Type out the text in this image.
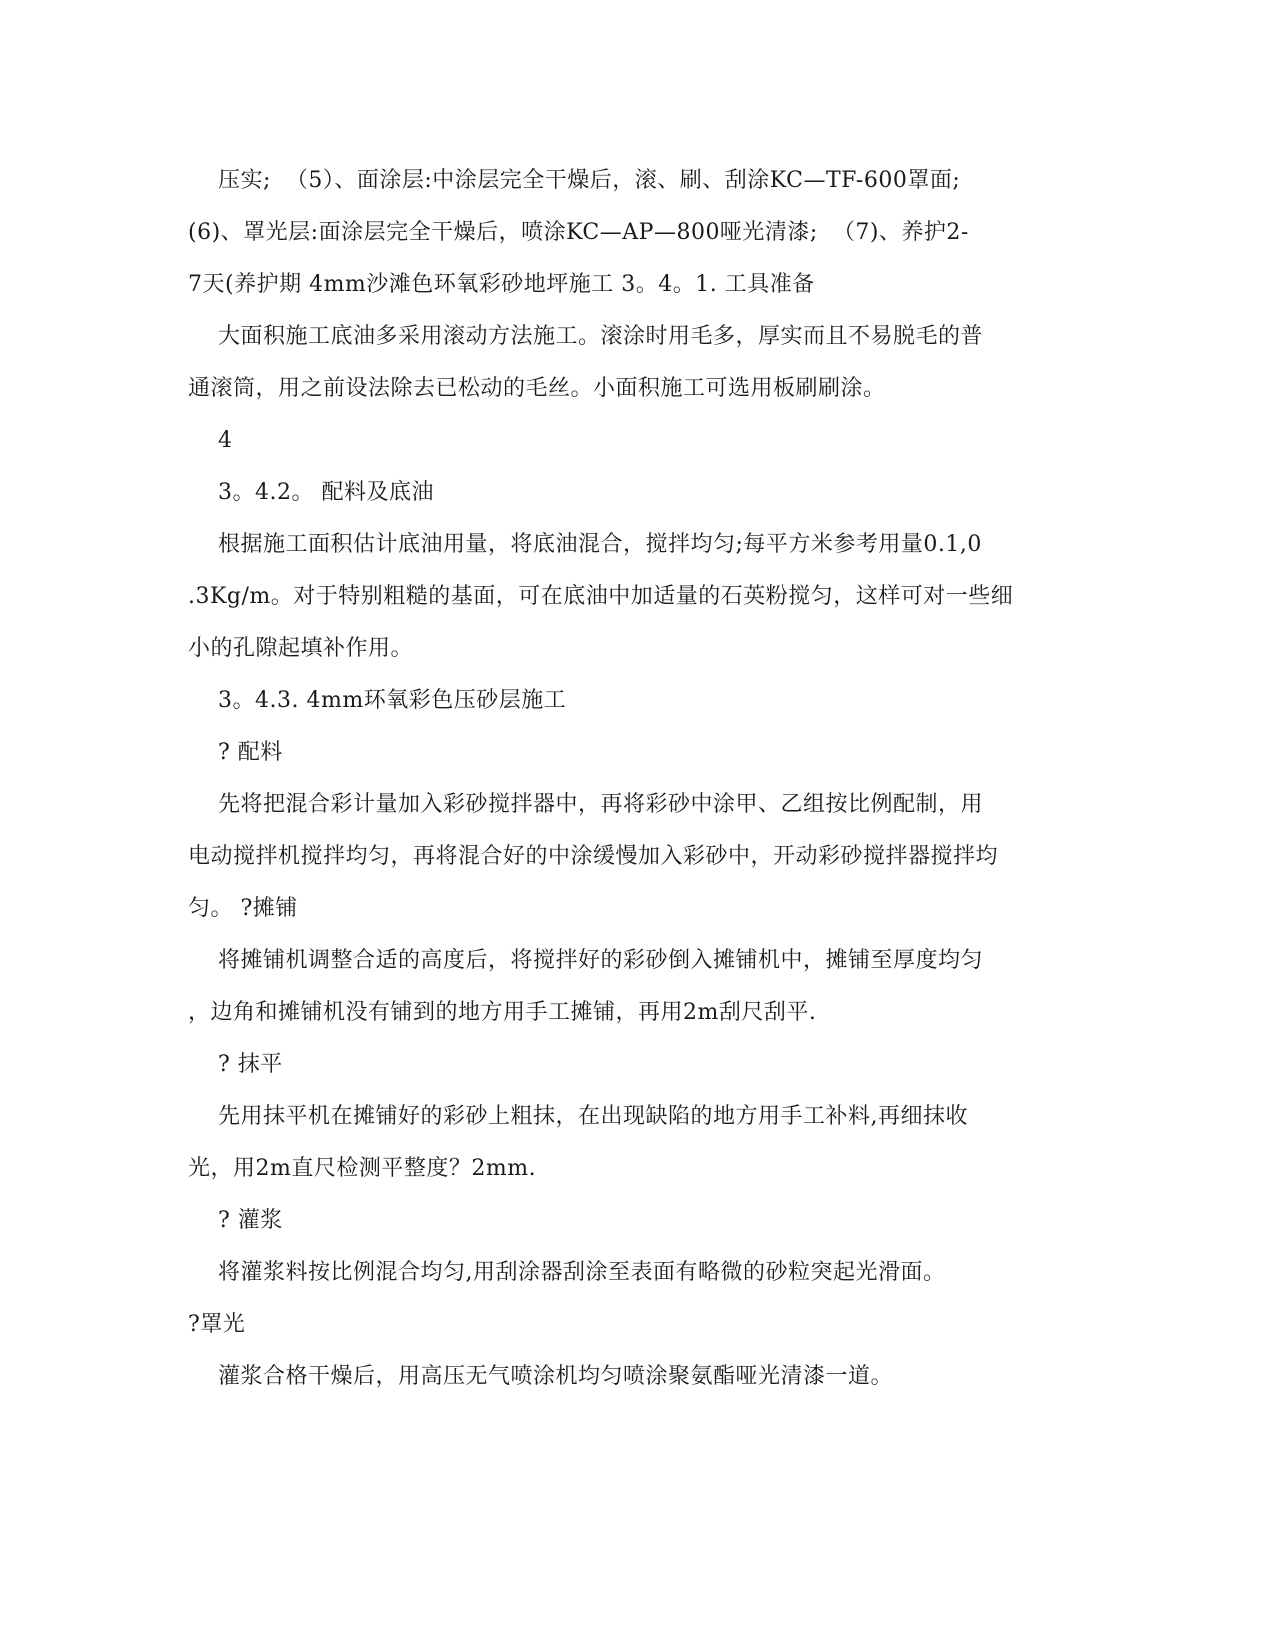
压实;  （5）、面涂层:中涂层完全干燥后，滚、刷、刮涂KC—TF-600罩面;
(6)、罩光层:面涂层完全干燥后，喷涂KC—AP—800哑光清漆;  （7)、养护2-
7天(养护期 4mm沙滩色环氧彩砂地坪施工 3。4。1. 工具准备
大面积施工底油多采用滚动方法施工。滚涂时用毛多，厚实而且不易脱毛的普
通滚筒，用之前设法除去已松动的毛丝。小面积施工可选用板刷刷涂。
4
3。4.2。 配料及底油
根据施工面积估计底油用量，将底油混合，搅拌均匀;每平方米参考用量0.1,0
.3Kg/m。对于特别粗糙的基面，可在底油中加适量的石英粉搅匀，这样可对一些细
小的孔隙起填补作用。
3。4.3. 4mm环氧彩色压砂层施工
? 配料
先将把混合彩计量加入彩砂搅拌器中，再将彩砂中涂甲、乙组按比例配制，用
电动搅拌机搅拌均匀，再将混合好的中涂缓慢加入彩砂中，开动彩砂搅拌器搅拌均
匀。 ?摊铺
将摊铺机调整合适的高度后，将搅拌好的彩砂倒入摊铺机中，摊铺至厚度均匀
，边角和摊铺机没有铺到的地方用手工摊铺，再用2m刮尺刮平.
? 抹平
先用抹平机在摊铺好的彩砂上粗抹，在出现缺陷的地方用手工补料,再细抹收
光，用2m直尺检测平整度？2mm.
? 灌浆
将灌浆料按比例混合均匀,用刮涂器刮涂至表面有略微的砂粒突起光滑面。
?罩光
灌浆合格干燥后，用高压无气喷涂机均匀喷涂聚氨酯哑光清漆一道。
